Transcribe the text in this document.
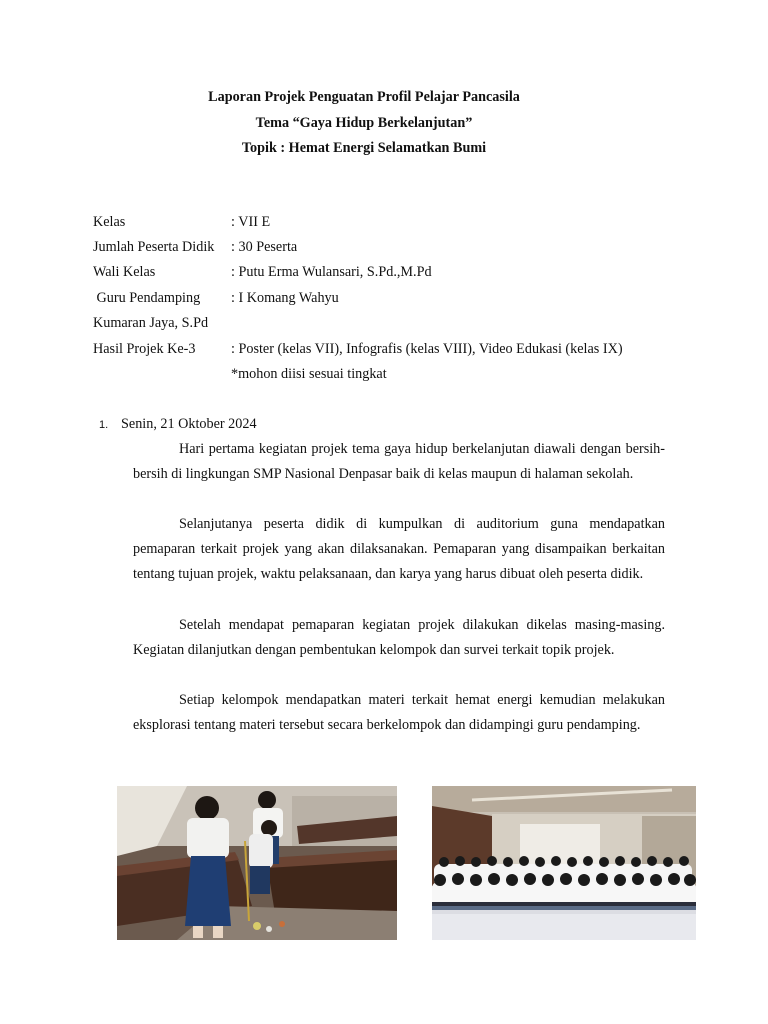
Laporan Projek Penguatan Profil Pelajar Pancasila
Tema “Gaya Hidup Berkelanjutan”
Topik : Hemat Energi Selamatkan Bumi
Kelas	: VII E
Jumlah Peserta Didik : 30 Peserta
Wali Kelas	: Putu Erma Wulansari, S.Pd.,M.Pd
Guru Pendamping : I Komang Wahyu
Kumaran Jaya, S.Pd
Hasil Projek Ke-3	: Poster (kelas VII), Infografis (kelas VIII), Video Edukasi (kelas IX)
*mohon diisi sesuai tingkat
1. Senin, 21 Oktober 2024

Hari pertama kegiatan projek tema gaya hidup berkelanjutan diawali dengan bersih-bersih di lingkungan SMP Nasional Denpasar baik di kelas maupun di halaman sekolah.

Selanjutanya peserta didik di kumpulkan di auditorium guna mendapatkan pemaparan terkait projek yang akan dilaksanakan. Pemaparan yang disampaikan berkaitan tentang tujuan projek, waktu pelaksanaan, dan karya yang harus dibuat oleh peserta didik.

Setelah mendapat pemaparan kegiatan projek dilakukan dikelas masing-masing. Kegiatan dilanjutkan dengan pembentukan kelompok dan survei terkait topik projek.

Setiap kelompok mendapatkan materi terkait hemat energi kemudian melakukan eksplorasi tentang materi tersebut secara berkelompok dan didampingi guru pendamping.
